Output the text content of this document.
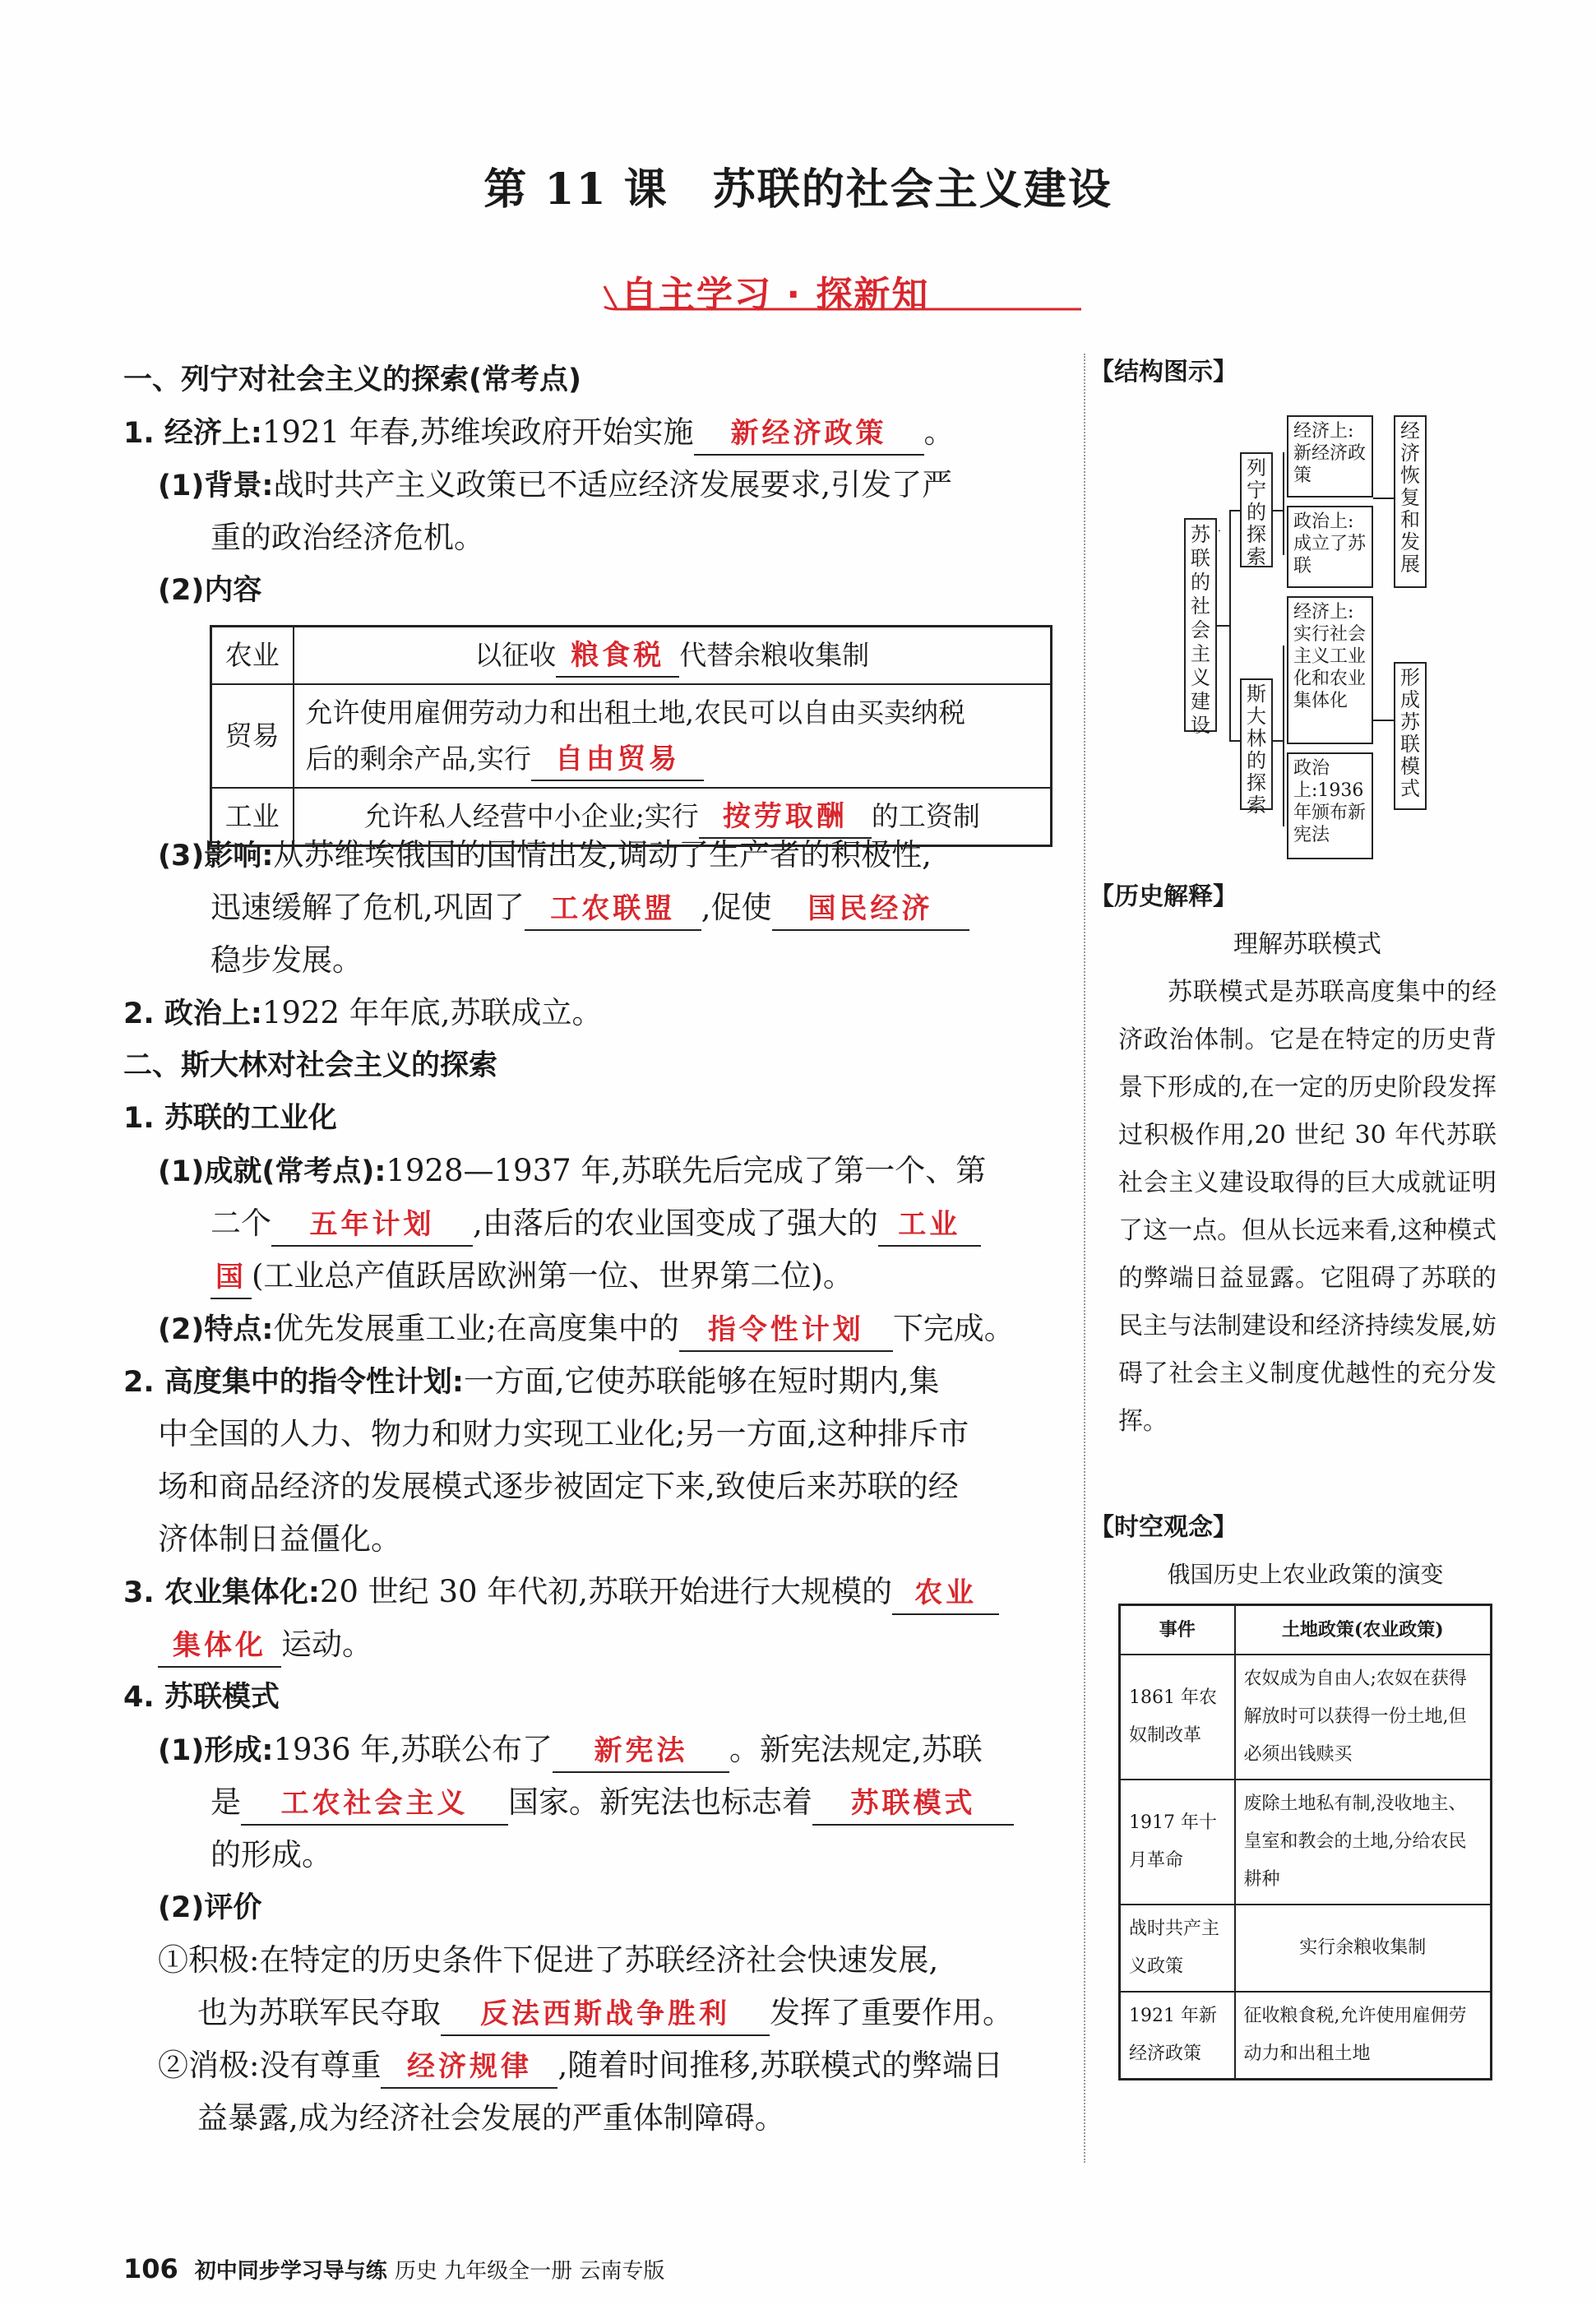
第 11 课　苏联的社会主义建设
自主学习 · 探新知
一、列宁对社会主义的探索(常考点)
1. 经济上:1921 年春,苏维埃政府开始实施 新经济政策 。
(1)背景:战时共产主义政策已不适应经济发展要求,引发了严
重的政治经济危机。
(2)内容
(3)影响:从苏维埃俄国的国情出发,调动了生产者的积极性,
迅速缓解了危机,巩固了 工农联盟 ,促使 国民经济
稳步发展。
2. 政治上:1922 年年底,苏联成立。
二、斯大林对社会主义的探索
1. 苏联的工业化
(1)成就(常考点):1928—1937 年,苏联先后完成了第一个、第
二个 五年计划 ,由落后的农业国变成了强大的 工业
国 (工业总产值跃居欧洲第一位、世界第二位)。
(2)特点:优先发展重工业;在高度集中的 指令性计划 下完成。
2. 高度集中的指令性计划:一方面,它使苏联能够在短时期内,集
中全国的人力、物力和财力实现工业化;另一方面,这种排斥市
场和商品经济的发展模式逐步被固定下来,致使后来苏联的经
济体制日益僵化。
3. 农业集体化:20 世纪 30 年代初,苏联开始进行大规模的 农业
集体化 运动。
4. 苏联模式
(1)形成:1936 年,苏联公布了 新宪法 。新宪法规定,苏联
是 工农社会主义 国家。新宪法也标志着 苏联模式
的形成。
(2)评价
①积极:在特定的历史条件下促进了苏联经济社会快速发展,
也为苏联军民夺取 反法西斯战争胜利 发挥了重要作用。
②消极:没有尊重 经济规律 ,随着时间推移,苏联模式的弊端日
益暴露,成为经济社会发展的严重体制障碍。
农业	以征收 粮食税 代替余粮收集制
贸易	允许使用雇佣劳动力和出租土地,农民可以自由买卖纳税
后的剩余产品,实行 自由贸易

工业	允许私人经营中小企业;实行 按劳取酬 的工资制
【结构图示】
苏联的社会主义建设
列宁的探索
斯大林的探索
经济上:新经济政策
政治上:成立了苏联
经济上:实行社会主义工业化和农业集体化
政治上:1936年颁布新宪法
经济恢复和发展
形成苏联模式
【历史解释】
理解苏联模式
苏联模式是苏联高度集中的经济政治体制。它是在特定的历史背景下形成的,在一定的历史阶段发挥过积极作用,20 世纪 30 年代苏联社会主义建设取得的巨大成就证明了这一点。但从长远来看,这种模式的弊端日益显露。它阻碍了苏联的民主与法制建设和经济持续发展,妨碍了社会主义制度优越性的充分发挥。
【时空观念】
俄国历史上农业政策的演变
事件	土地政策(农业政策)
1861 年农奴制改革	农奴成为自由人;农奴在获得解放时可以获得一份土地,但必须出钱赎买
1917 年十月革命	废除土地私有制,没收地主、皇室和教会的土地,分给农民耕种
战时共产主义政策	实行余粮收集制
1921 年新经济政策	征收粮食税,允许使用雇佣劳动力和出租土地
106 初中同步学习导与练 历史 九年级全一册 云南专版
